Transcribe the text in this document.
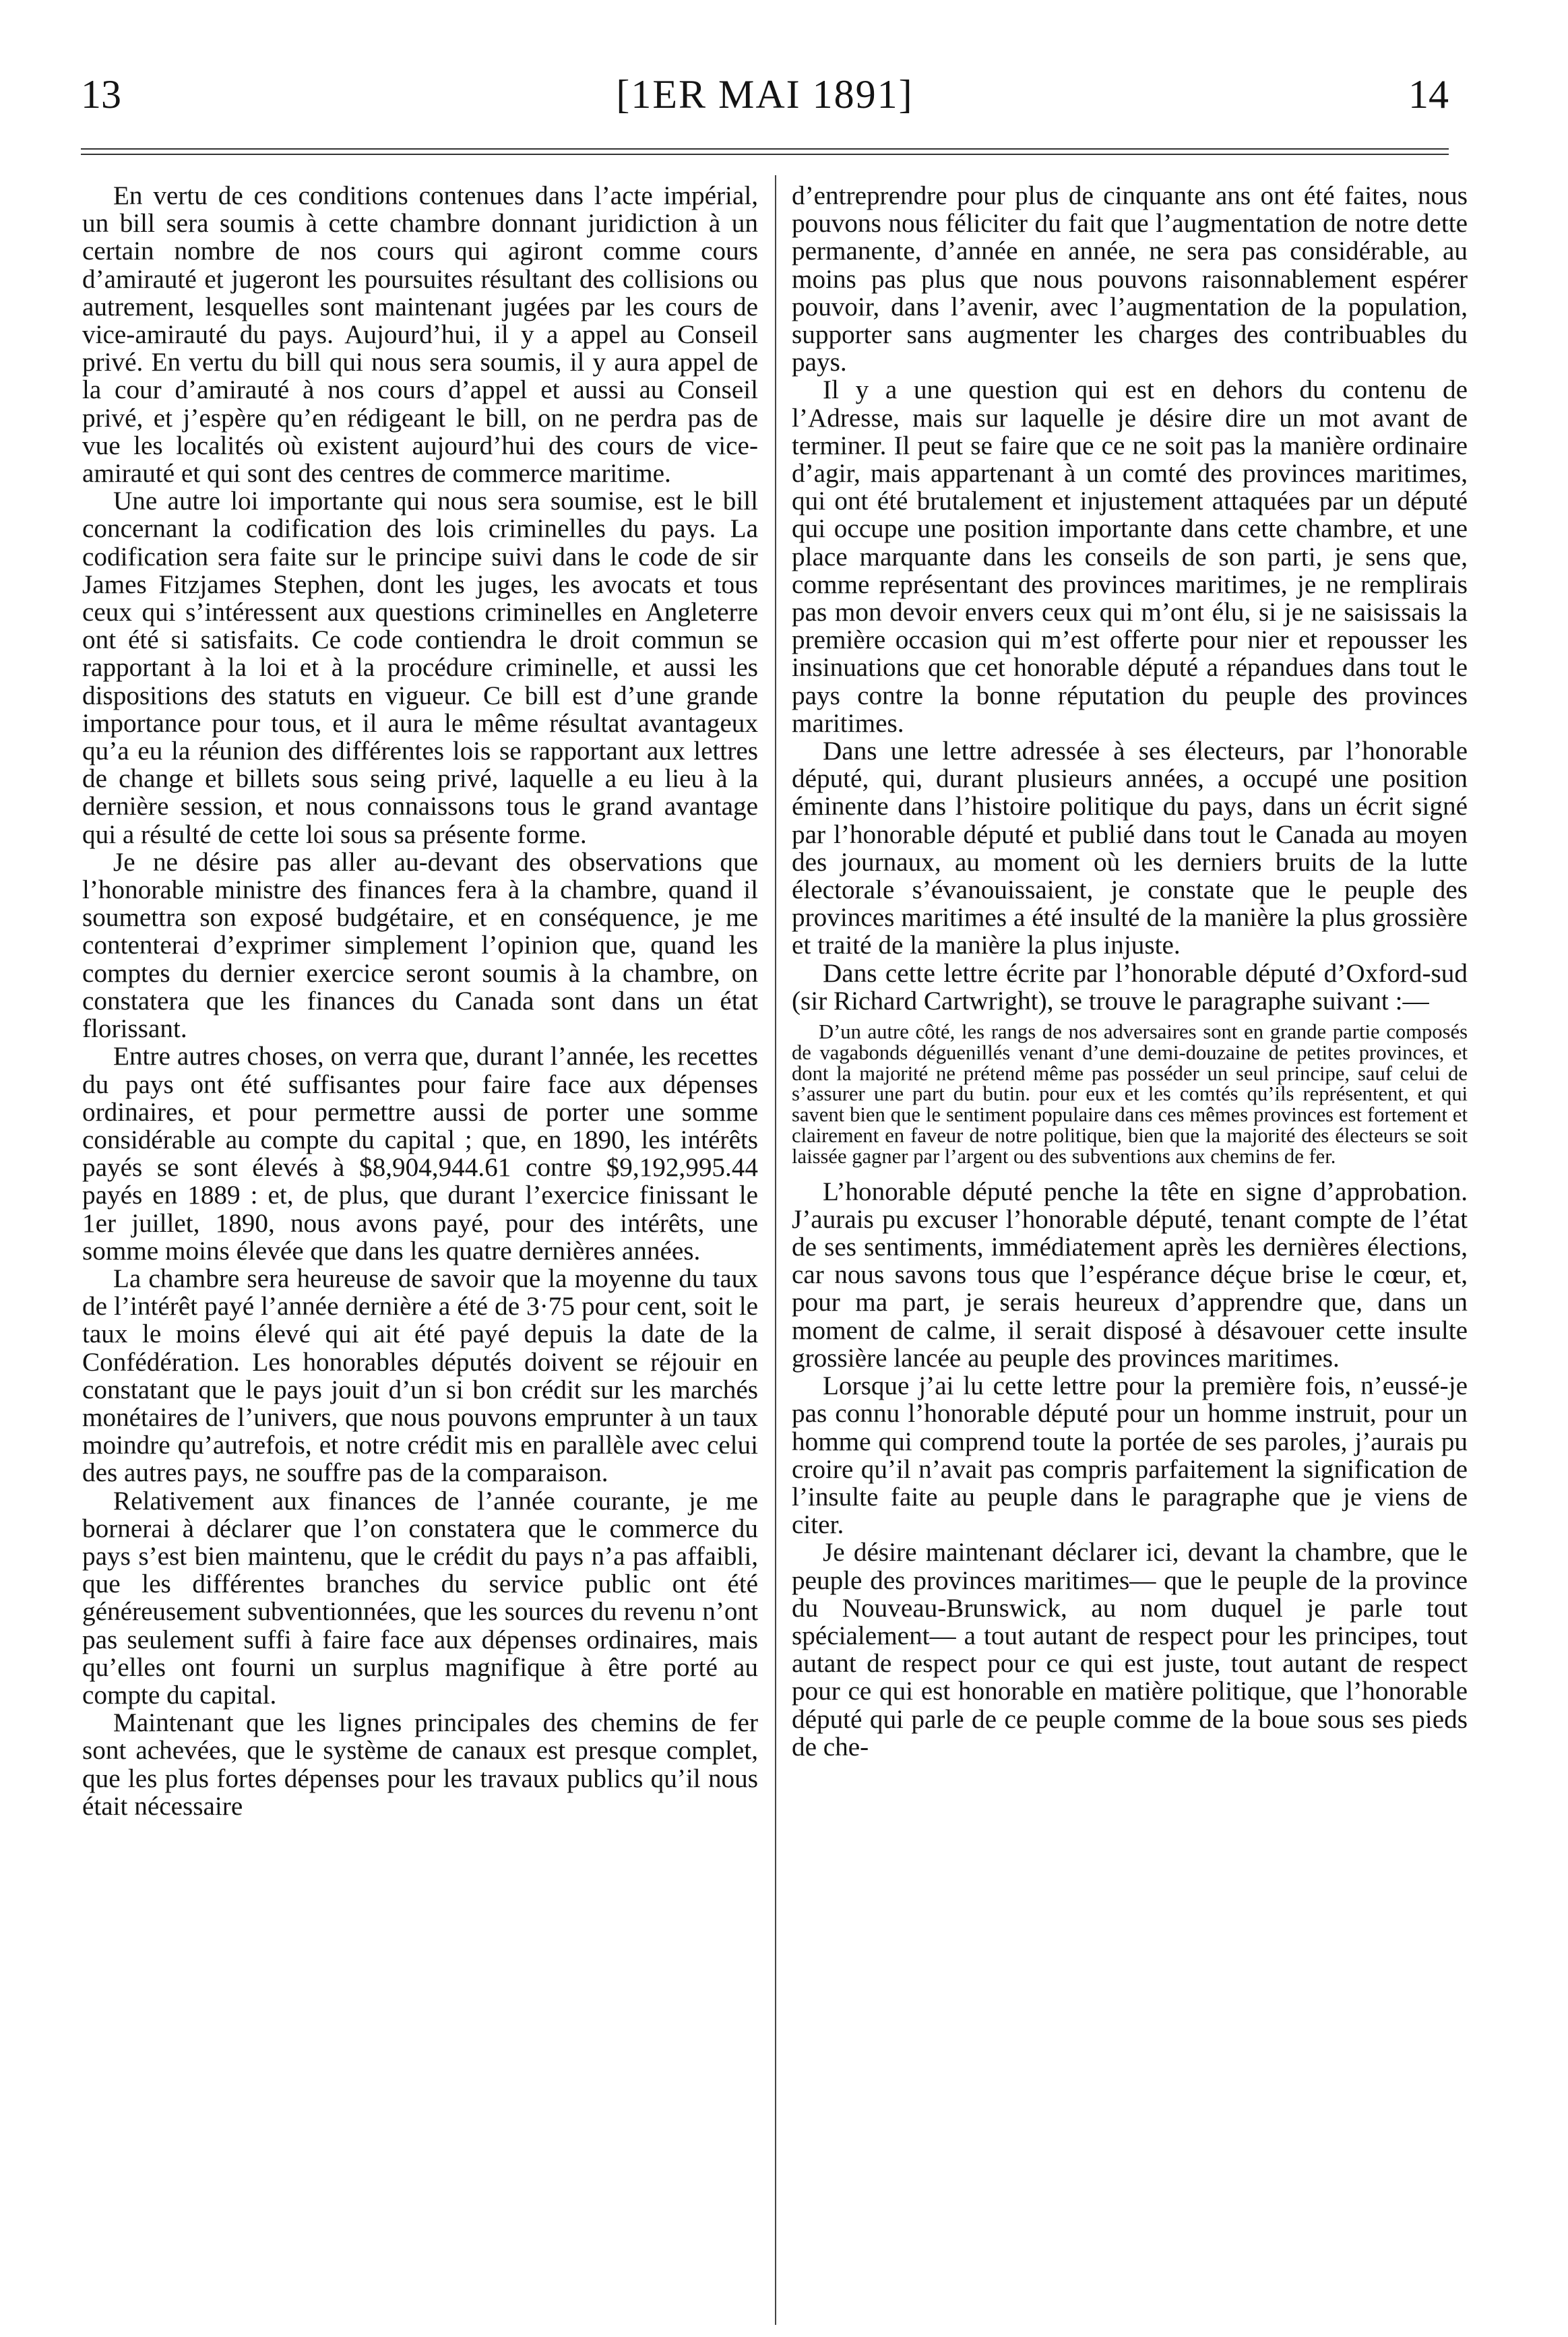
13	[1ER MAI 1891]	14

En vertu de ces conditions contenues dans l’acte impérial, un bill sera soumis à cette chambre donnant juridiction à un certain nombre de nos cours qui agiront comme cours d’amirauté et jugeront les poursuites résultant des collisions ou autrement, lesquelles sont maintenant jugées par les cours de vice-amirauté du pays. Aujourd’hui, il y a appel au Conseil privé. En vertu du bill qui nous sera soumis, il y aura appel de la cour d’amirauté à nos cours d’appel et aussi au Conseil privé, et j’espère qu’en rédigeant le bill, on ne perdra pas de vue les localités où existent aujourd’hui des cours de vice-amirauté et qui sont des centres de commerce maritime.

Une autre loi importante qui nous sera soumise, est le bill concernant la codification des lois criminelles du pays. La codification sera faite sur le principe suivi dans le code de sir James Fitzjames Stephen, dont les juges, les avocats et tous ceux qui s’intéressent aux questions criminelles en Angleterre ont été si satisfaits. Ce code contiendra le droit commun se rapportant à la loi et à la procédure criminelle, et aussi les dispositions des statuts en vigueur. Ce bill est d’une grande importance pour tous, et il aura le même résultat avantageux qu’a eu la réunion des différentes lois se rapportant aux lettres de change et billets sous seing privé, laquelle a eu lieu à la dernière session, et nous connaissons tous le grand avantage qui a résulté de cette loi sous sa présente forme.

Je ne désire pas aller au-devant des observations que l’honorable ministre des finances fera à la chambre, quand il soumettra son exposé budgétaire, et en conséquence, je me contenterai d’exprimer simplement l’opinion que, quand les comptes du dernier exercice seront soumis à la chambre, on constatera que les finances du Canada sont dans un état florissant.

Entre autres choses, on verra que, durant l’année, les recettes du pays ont été suffisantes pour faire face aux dépenses ordinaires, et pour permettre aussi de porter une somme considérable au compte du capital ; que, en 1890, les intérêts payés se sont élevés à $8,904,944.61 contre $9,192,995.44 payés en 1889 : et, de plus, que durant l’exercice finissant le 1er juillet, 1890, nous avons payé, pour des intérêts, une somme moins élevée que dans les quatre dernières années.

La chambre sera heureuse de savoir que la moyenne du taux de l’intérêt payé l’année dernière a été de 3·75 pour cent, soit le taux le moins élevé qui ait été payé depuis la date de la Confédération. Les honorables députés doivent se réjouir en constatant que le pays jouit d’un si bon crédit sur les marchés monétaires de l’univers, que nous pouvons emprunter à un taux moindre qu’autrefois, et notre crédit mis en parallèle avec celui des autres pays, ne souffre pas de la comparaison.

Relativement aux finances de l’année courante, je me bornerai à déclarer que l’on constatera que le commerce du pays s’est bien maintenu, que le crédit du pays n’a pas affaibli, que les différentes branches du service public ont été généreusement subventionnées, que les sources du revenu n’ont pas seulement suffi à faire face aux dépenses ordinaires, mais qu’elles ont fourni un surplus magnifique à être porté au compte du capital.

Maintenant que les lignes principales des chemins de fer sont achevées, que le système de canaux est presque complet, que les plus fortes dépenses pour les travaux publics qu’il nous était nécessaire

d’entreprendre pour plus de cinquante ans ont été faites, nous pouvons nous féliciter du fait que l’augmentation de notre dette permanente, d’année en année, ne sera pas considérable, au moins pas plus que nous pouvons raisonnablement espérer pouvoir, dans l’avenir, avec l’augmentation de la population, supporter sans augmenter les charges des contribuables du pays.

Il y a une question qui est en dehors du contenu de l’Adresse, mais sur laquelle je désire dire un mot avant de terminer. Il peut se faire que ce ne soit pas la manière ordinaire d’agir, mais appartenant à un comté des provinces maritimes, qui ont été brutalement et injustement attaquées par un député qui occupe une position importante dans cette chambre, et une place marquante dans les conseils de son parti, je sens que, comme représentant des provinces maritimes, je ne remplirais pas mon devoir envers ceux qui m’ont élu, si je ne saisissais la première occasion qui m’est offerte pour nier et repousser les insinuations que cet honorable député a répandues dans tout le pays contre la bonne réputation du peuple des provinces maritimes.

Dans une lettre adressée à ses électeurs, par l’honorable député, qui, durant plusieurs années, a occupé une position éminente dans l’histoire politique du pays, dans un écrit signé par l’honorable député et publié dans tout le Canada au moyen des journaux, au moment où les derniers bruits de la lutte électorale s’évanouissaient, je constate que le peuple des provinces maritimes a été insulté de la manière la plus grossière et traité de la manière la plus injuste.

Dans cette lettre écrite par l’honorable député d’Oxford-sud (sir Richard Cartwright), se trouve le paragraphe suivant :—

D’un autre côté, les rangs de nos adversaires sont en grande partie composés de vagabonds déguenillés venant d’une demi-douzaine de petites provinces, et dont la majorité ne prétend même pas posséder un seul principe, sauf celui de s’assurer une part du butin. pour eux et les comtés qu’ils représentent, et qui savent bien que le sentiment populaire dans ces mêmes provinces est fortement et clairement en faveur de notre politique, bien que la majorité des électeurs se soit laissée gagner par l’argent ou des subventions aux chemins de fer.

L’honorable député penche la tête en signe d’approbation. J’aurais pu excuser l’honorable député, tenant compte de l’état de ses sentiments, immédiatement après les dernières élections, car nous savons tous que l’espérance déçue brise le cœur, et, pour ma part, je serais heureux d’apprendre que, dans un moment de calme, il serait disposé à désavouer cette insulte grossière lancée au peuple des provinces maritimes.

Lorsque j’ai lu cette lettre pour la première fois, n’eussé-je pas connu l’honorable député pour un homme instruit, pour un homme qui comprend toute la portée de ses paroles, j’aurais pu croire qu’il n’avait pas compris parfaitement la signification de l’insulte faite au peuple dans le paragraphe que je viens de citer.

Je désire maintenant déclarer ici, devant la chambre, que le peuple des provinces maritimes— que le peuple de la province du Nouveau-Brunswick, au nom duquel je parle tout spécialement— a tout autant de respect pour les principes, tout autant de respect pour ce qui est juste, tout autant de respect pour ce qui est honorable en matière politique, que l’honorable député qui parle de ce peuple comme de la boue sous ses pieds de che-
